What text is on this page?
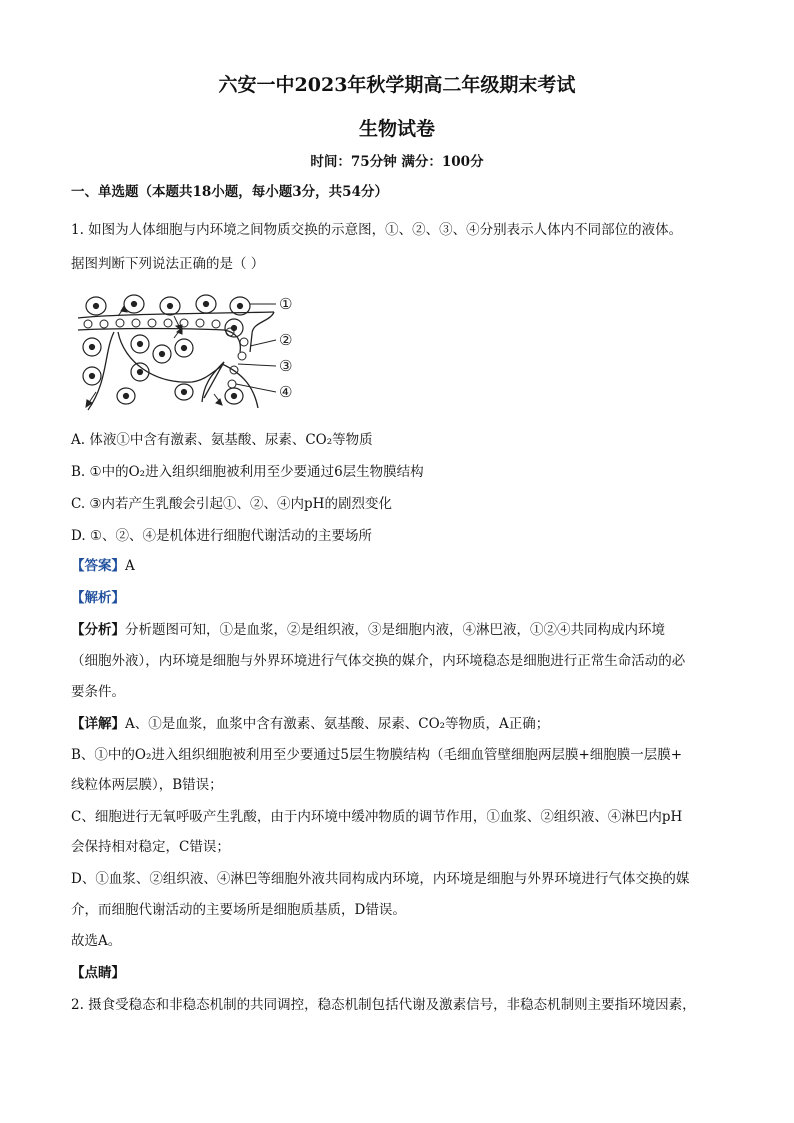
六安一中2023年秋学期高二年级期末考试
生物试卷
时间：75分钟 满分：100分
一、单选题（本题共18小题，每小题3分，共54分）
1. 如图为人体细胞与内环境之间物质交换的示意图，①、②、③、④分别表示人体内不同部位的液体。
据图判断下列说法正确的是（ ）
①
②
③
④
A. 体液①中含有激素、氨基酸、尿素、CO₂等物质
B. ①中的O₂进入组织细胞被利用至少要通过6层生物膜结构
C. ③内若产生乳酸会引起①、②、④内pH的剧烈变化
D. ①、②、④是机体进行细胞代谢活动的主要场所
【答案】A
【解析】
【分析】分析题图可知，①是血浆，②是组织液，③是细胞内液，④淋巴液，①②④共同构成内环境
（细胞外液），内环境是细胞与外界环境进行气体交换的媒介，内环境稳态是细胞进行正常生命活动的必
要条件。
【详解】A、①是血浆，血浆中含有激素、氨基酸、尿素、CO₂等物质，A正确；
B、①中的O₂进入组织细胞被利用至少要通过5层生物膜结构（毛细血管壁细胞两层膜+细胞膜一层膜+
线粒体两层膜），B错误；
C、细胞进行无氧呼吸产生乳酸，由于内环境中缓冲物质的调节作用，①血浆、②组织液、④淋巴内pH
会保持相对稳定，C错误；
D、①血浆、②组织液、④淋巴等细胞外液共同构成内环境，内环境是细胞与外界环境进行气体交换的媒
介，而细胞代谢活动的主要场所是细胞质基质，D错误。
故选A。
【点睛】
2. 摄食受稳态和非稳态机制的共同调控，稳态机制包括代谢及激素信号，非稳态机制则主要指环境因素，
